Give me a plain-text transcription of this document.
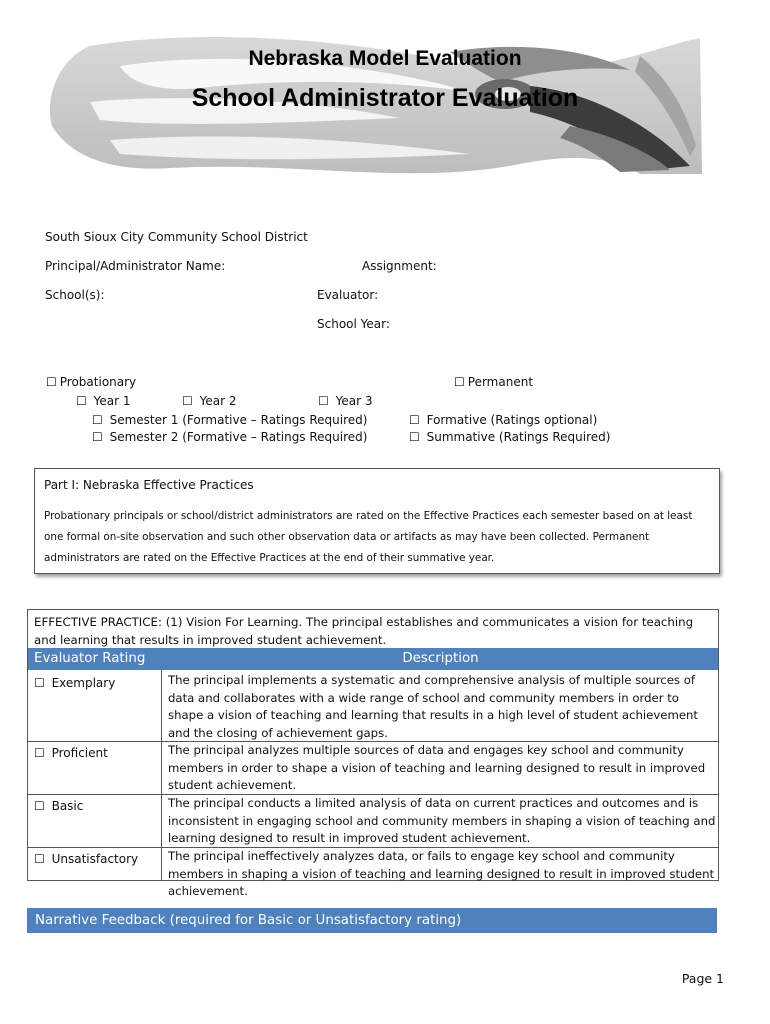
Nebraska Model Evaluation
School Administrator Evaluation
South Sioux City Community School District
Principal/Administrator Name:	Assignment:
School(s):	Evaluator:
School Year:
☐ Probationary	☐ Permanent
☐ Year 1	☐ Year 2	☐ Year 3
☐ Semester 1 (Formative – Ratings Required)
☐ Semester 2 (Formative – Ratings Required)
☐ Formative (Ratings optional)
☐ Summative (Ratings Required)
Part I: Nebraska Effective Practices
Probationary principals or school/district administrators are rated on the Effective Practices each semester based on at least one formal on-site observation and such other observation data or artifacts as may have been collected. Permanent administrators are rated on the Effective Practices at the end of their summative year.
EFFECTIVE PRACTICE: (1) Vision For Learning. The principal establishes and communicates a vision for teaching and learning that results in improved student achievement.
Evaluator Rating	Description
☐ Exemplary	The principal implements a systematic and comprehensive analysis of multiple sources of data and collaborates with a wide range of school and community members in order to shape a vision of teaching and learning that results in a high level of student achievement and the closing of achievement gaps.
☐ Proficient	The principal analyzes multiple sources of data and engages key school and community members in order to shape a vision of teaching and learning designed to result in improved student achievement.
☐ Basic	The principal conducts a limited analysis of data on current practices and outcomes and is inconsistent in engaging school and community members in shaping a vision of teaching and learning designed to result in improved student achievement.
☐ Unsatisfactory	The principal ineffectively analyzes data, or fails to engage key school and community members in shaping a vision of teaching and learning designed to result in improved student achievement.
Narrative Feedback (required for Basic or Unsatisfactory rating)
Page 1
